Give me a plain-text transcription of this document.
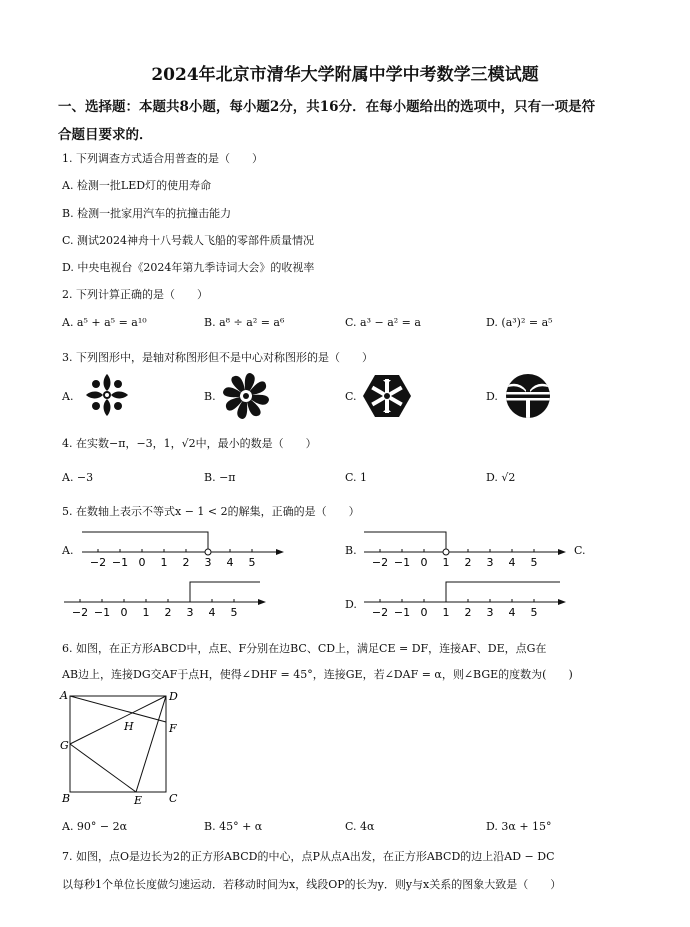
2024年北京市清华大学附属中学中考数学三模试题
一、选择题：本题共8小题，每小题2分，共16分．在每小题给出的选项中，只有一项是符
合题目要求的．
1. 下列调查方式适合用普查的是（　　）
A. 检测一批LED灯的使用寿命
B. 检测一批家用汽车的抗撞击能力
C. 测试2024神舟十八号载人飞船的零部件质量情况
D. 中央电视台《2024年第九季诗词大会》的收视率
2. 下列计算正确的是（　　）
A. a⁵ + a⁵ = a¹⁰	B. a⁸ ÷ a² = a⁶	C. a³ − a² = a	D. (a³)² = a⁵
3. 下列图形中，是轴对称图形但不是中心对称图形的是（　　）
A.	B.	C.	D.
4. 在实数−π，−3，1，√2中，最小的数是（　　）
A. −3	B. −π	C. 1	D. √2
5. 在数轴上表示不等式x − 1 < 2的解集，正确的是（　　）
A.	B.	C.
D.
−2 −1 0 1 2 3 4 5	−2 −1 0 1 2 3 4 5
−2 −1 0 1 2 3 4 5	−2 −1 0 1 2 3 4 5
6. 如图，在正方形ABCD中，点E、F分别在边BC、CD上，满足CE = DF，连接AF、DE，点G在
AB边上，连接DG交AF于点H，使得∠DHF = 45°，连接GE，若∠DAF = α，则∠BGE的度数为(　　)
A	D
H	F
G
B	E C
A. 90° − 2α	B. 45° + α	C. 4α	D. 3α + 15°
7. 如图，点O是边长为2的正方形ABCD的中心，点P从点A出发，在正方形ABCD的边上沿AD − DC
以每秒1个单位长度做匀速运动．若移动时间为x，线段OP的长为y．则y与x关系的图象大致是（　　）
